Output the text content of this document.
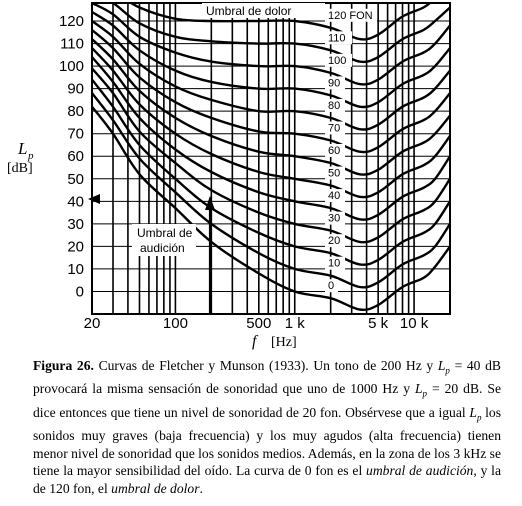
0
10
20
30
40
50
60
70
80
90
100
110
120
20	100	500 1 k	5 k 10 k
0
10
20
30
40
50
60
70
80
90
100
110
120 FON
L p
[dB]
f [Hz]
Umbral de dolor
Umbral de
audición

Figura 26. Curvas de Fletcher y Munson (1933). Un tono de 200 Hz y $L_p = 40$ dB provocará la misma sensación de sonoridad que uno de 1000 Hz y $L_p = 20$ dB. Se dice entonces que tiene un nivel de sonoridad de 20 fon. Obsérvese que a igual $L_p$ los sonidos muy graves (baja frecuencia) y los muy agudos (alta frecuencia) tienen menor nivel de sonoridad que los sonidos medios. Además, en la zona de los 3 kHz se tiene la mayor sensibilidad del oído. La curva de 0 fon es el umbral de audición, y la de 120 fon, el umbral de dolor.
